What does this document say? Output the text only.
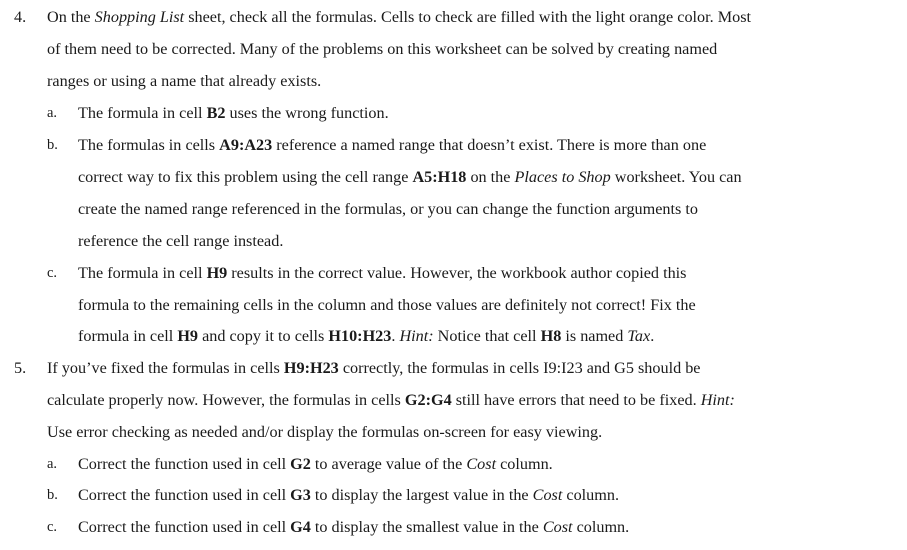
4. On the Shopping List sheet, check all the formulas. Cells to check are filled with the light orange color. Most
of them need to be corrected. Many of the problems on this worksheet can be solved by creating named
ranges or using a name that already exists.
a. The formula in cell B2 uses the wrong function.
b. The formulas in cells A9:A23 reference a named range that doesn’t exist. There is more than one
correct way to fix this problem using the cell range A5:H18 on the Places to Shop worksheet. You can
create the named range referenced in the formulas, or you can change the function arguments to
reference the cell range instead.
c. The formula in cell H9 results in the correct value. However, the workbook author copied this
formula to the remaining cells in the column and those values are definitely not correct! Fix the
formula in cell H9 and copy it to cells H10:H23. Hint: Notice that cell H8 is named Tax.
5. If you’ve fixed the formulas in cells H9:H23 correctly, the formulas in cells I9:I23 and G5 should be
calculate properly now. However, the formulas in cells G2:G4 still have errors that need to be fixed. Hint:
Use error checking as needed and/or display the formulas on-screen for easy viewing.
a. Correct the function used in cell G2 to average value of the Cost column.
b. Correct the function used in cell G3 to display the largest value in the Cost column.
c. Correct the function used in cell G4 to display the smallest value in the Cost column.
